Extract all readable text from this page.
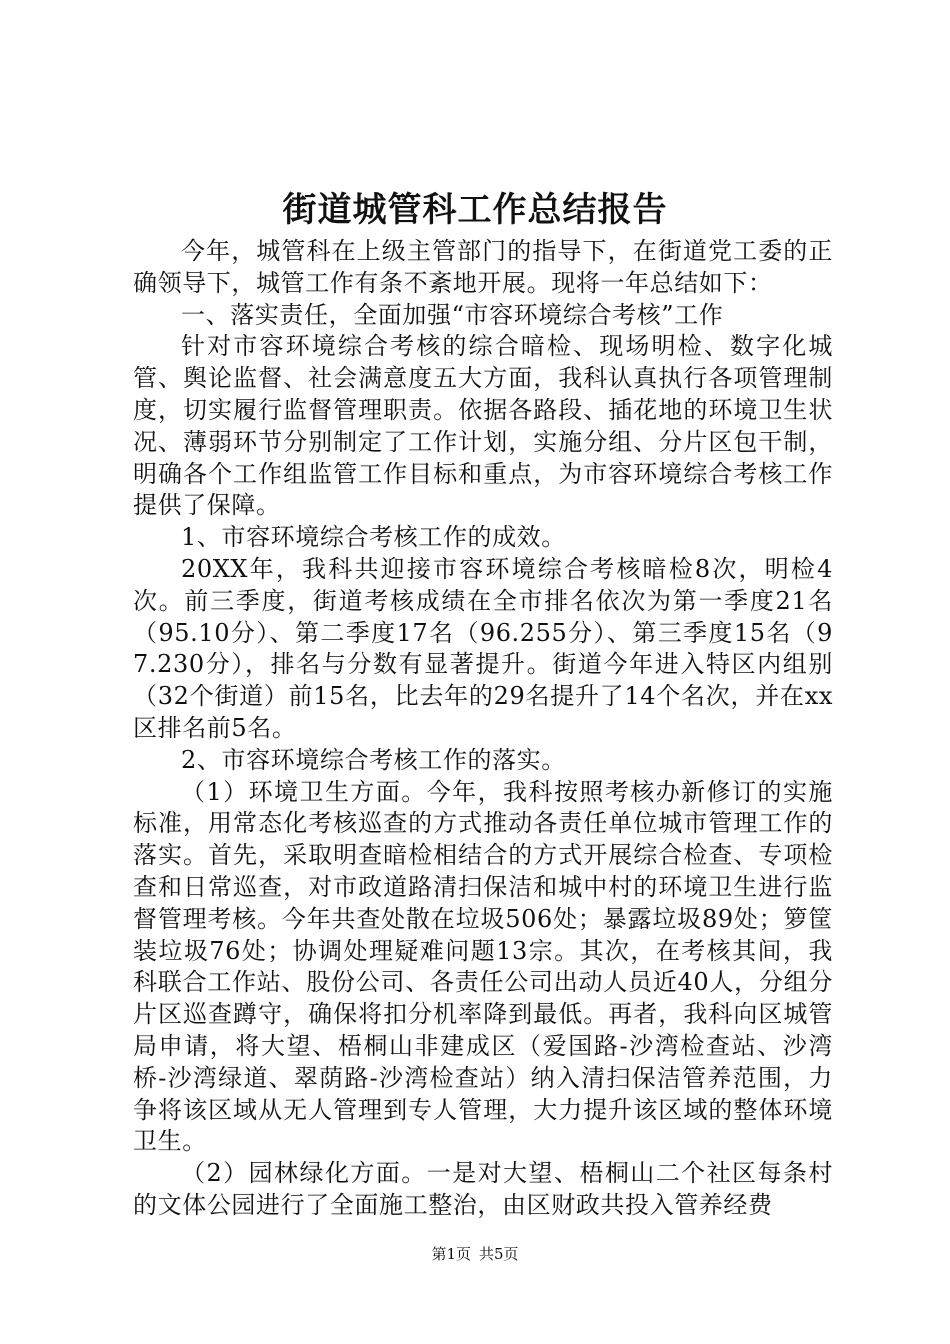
街道城管科工作总结报告

今年，城管科在上级主管部门的指导下，在街道党工委的正确领导下，城管工作有条不紊地开展。现将一年总结如下：

一、落实责任，全面加强“市容环境综合考核”工作

针对市容环境综合考核的综合暗检、现场明检、数字化城管、舆论监督、社会满意度五大方面，我科认真执行各项管理制度，切实履行监督管理职责。依据各路段、插花地的环境卫生状况、薄弱环节分别制定了工作计划，实施分组、分片区包干制，明确各个工作组监管工作目标和重点，为市容环境综合考核工作提供了保障。

1、市容环境综合考核工作的成效。

20XX年，我科共迎接市容环境综合考核暗检8次，明检4次。前三季度，街道考核成绩在全市排名依次为第一季度21名（95.10分）、第二季度17名（96.255分）、第三季度15名（97.230分），排名与分数有显著提升。街道今年进入特区内组别（32个街道）前15名，比去年的29名提升了14个名次，并在xx区排名前5名。

2、市容环境综合考核工作的落实。

（1）环境卫生方面。今年，我科按照考核办新修订的实施标准，用常态化考核巡查的方式推动各责任单位城市管理工作的落实。首先，采取明查暗检相结合的方式开展综合检查、专项检查和日常巡查，对市政道路清扫保洁和城中村的环境卫生进行监督管理考核。今年共查处散在垃圾506处；暴露垃圾89处；箩筐装垃圾76处；协调处理疑难问题13宗。其次，在考核其间，我科联合工作站、股份公司、各责任公司出动人员近40人，分组分片区巡查蹲守，确保将扣分机率降到最低。再者，我科向区城管局申请，将大望、梧桐山非建成区（爱国路-沙湾检查站、沙湾桥-沙湾绿道、翠荫路-沙湾检查站）纳入清扫保洁管养范围，力争将该区域从无人管理到专人管理，大力提升该区域的整体环境卫生。

（2）园林绿化方面。一是对大望、梧桐山二个社区每条村的文体公园进行了全面施工整治，由区财政共投入管养经费

第1页 共5页
